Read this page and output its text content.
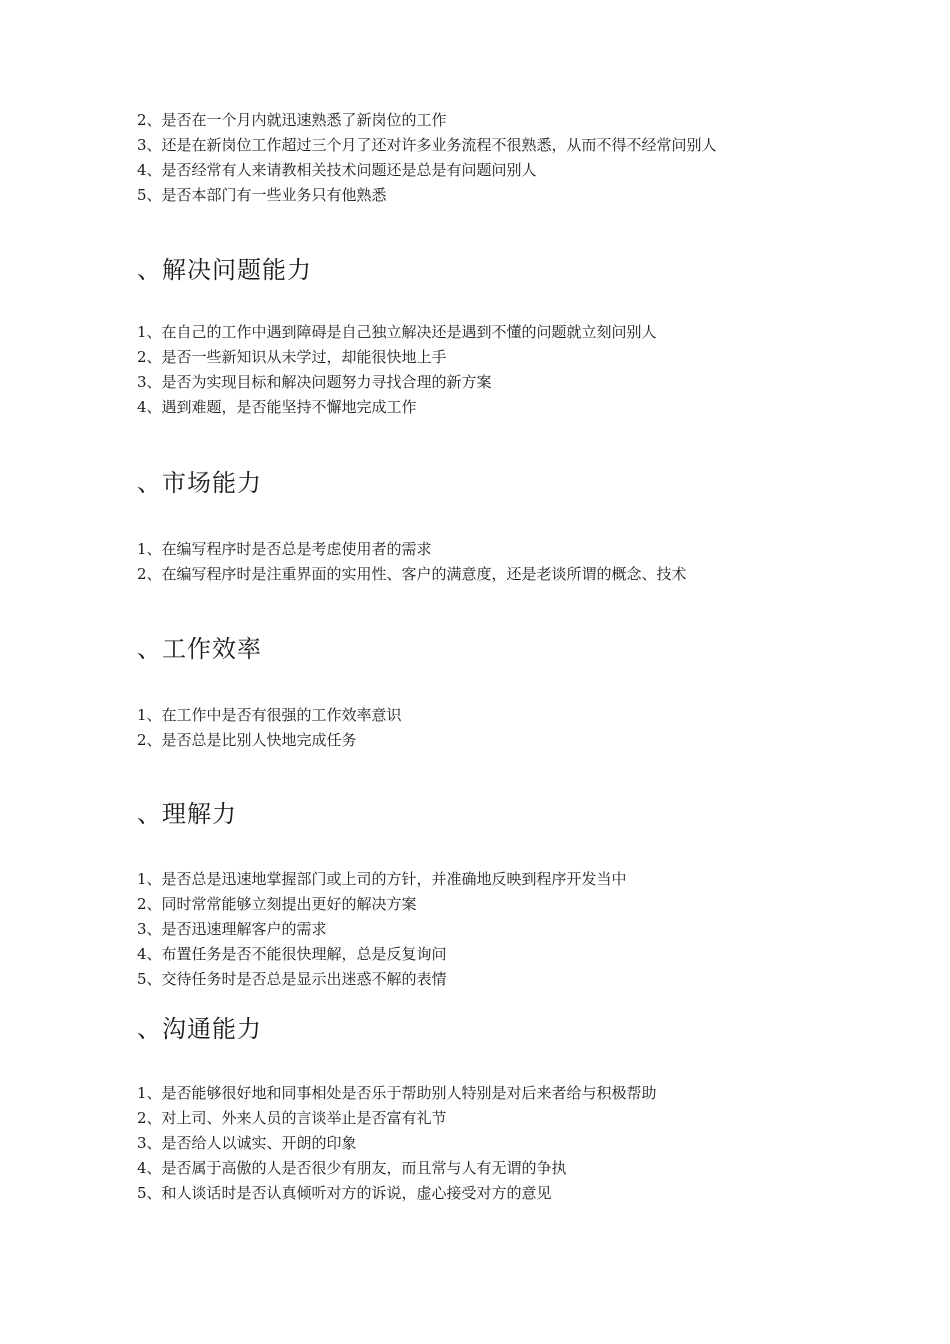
2、是否在一个月内就迅速熟悉了新岗位的工作
3、还是在新岗位工作超过三个月了还对许多业务流程不很熟悉，从而不得不经常问别人
4、是否经常有人来请教相关技术问题还是总是有问题问别人
5、是否本部门有一些业务只有他熟悉
、解决问题能力
1、在自己的工作中遇到障碍是自己独立解决还是遇到不懂的问题就立刻问别人
2、是否一些新知识从未学过，却能很快地上手
3、是否为实现目标和解决问题努力寻找合理的新方案
4、遇到难题，是否能坚持不懈地完成工作
、市场能力
1、在编写程序时是否总是考虑使用者的需求
2、在编写程序时是注重界面的实用性、客户的满意度，还是老谈所谓的概念、技术
、工作效率
1、在工作中是否有很强的工作效率意识
2、是否总是比别人快地完成任务
、理解力
1、是否总是迅速地掌握部门或上司的方针，并准确地反映到程序开发当中
2、同时常常能够立刻提出更好的解决方案
3、是否迅速理解客户的需求
4、布置任务是否不能很快理解，总是反复询问
5、交待任务时是否总是显示出迷惑不解的表情
、沟通能力
1、是否能够很好地和同事相处是否乐于帮助别人特别是对后来者给与积极帮助
2、对上司、外来人员的言谈举止是否富有礼节
3、是否给人以诚实、开朗的印象
4、是否属于高傲的人是否很少有朋友，而且常与人有无谓的争执
5、和人谈话时是否认真倾听对方的诉说，虚心接受对方的意见
